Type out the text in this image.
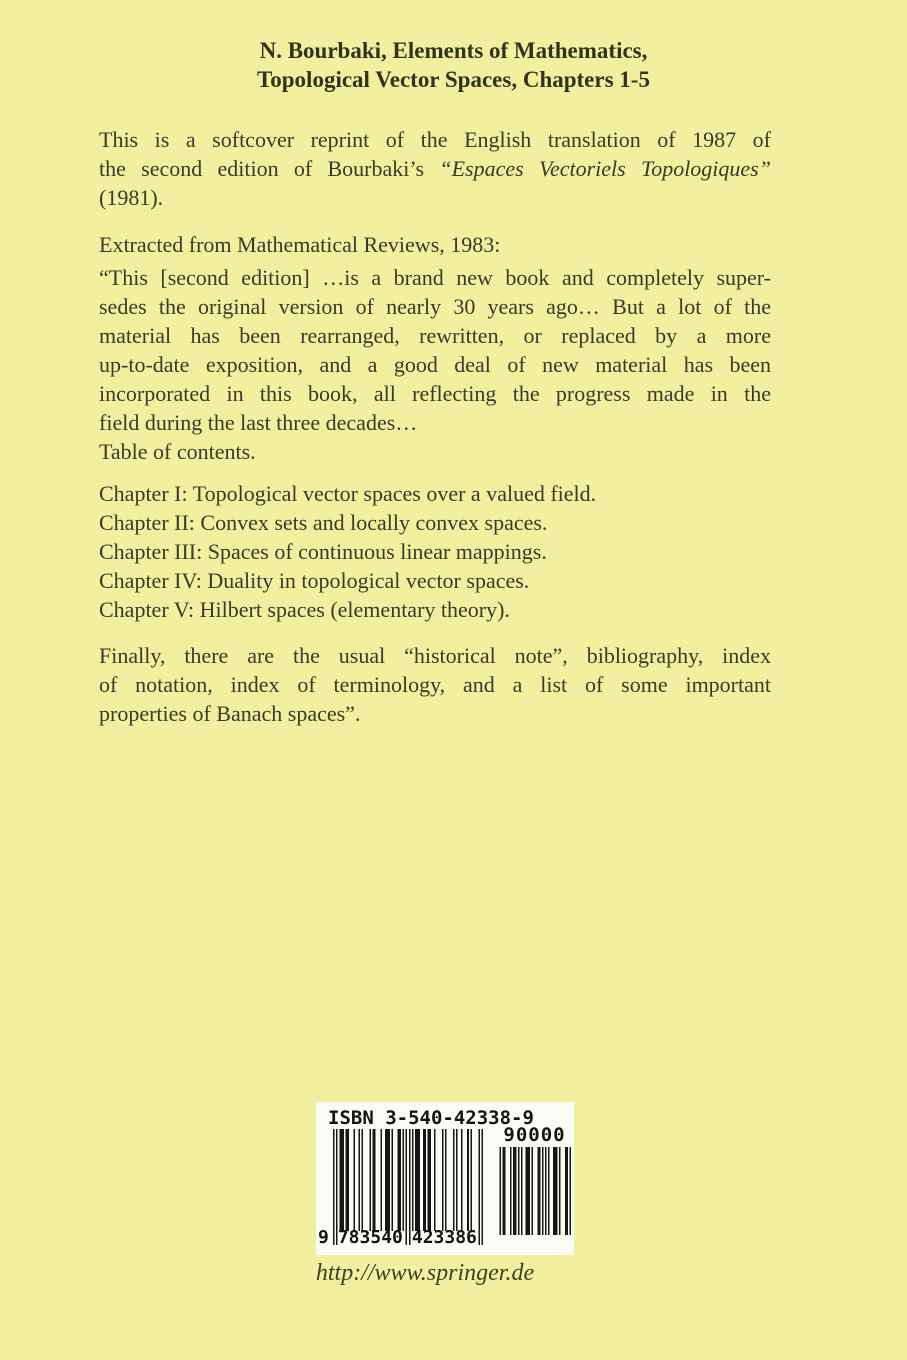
N. Bourbaki, Elements of Mathematics,
Topological Vector Spaces, Chapters 1-5
This is a softcover reprint of the English translation of 1987 of
the second edition of Bourbaki’s “Espaces Vectoriels Topologiques”
(1981).
Extracted from Mathematical Reviews, 1983:
“This [second edition] …is a brand new book and completely super-
sedes the original version of nearly 30 years ago… But a lot of the
material has been rearranged, rewritten, or replaced by a more
up-to-date exposition, and a good deal of new material has been
incorporated in this book, all reflecting the progress made in the
field during the last three decades…
Table of contents.
Chapter I: Topological vector spaces over a valued field.
Chapter II: Convex sets and locally convex spaces.
Chapter III: Spaces of continuous linear mappings.
Chapter IV: Duality in topological vector spaces.
Chapter V: Hilbert spaces (elementary theory).
Finally, there are the usual “historical note”, bibliography, index
of notation, index of terminology, and a list of some important
properties of Banach spaces”.
ISBN 3-540-42338-9
9 783540 423386
90000
http://www.springer.de
